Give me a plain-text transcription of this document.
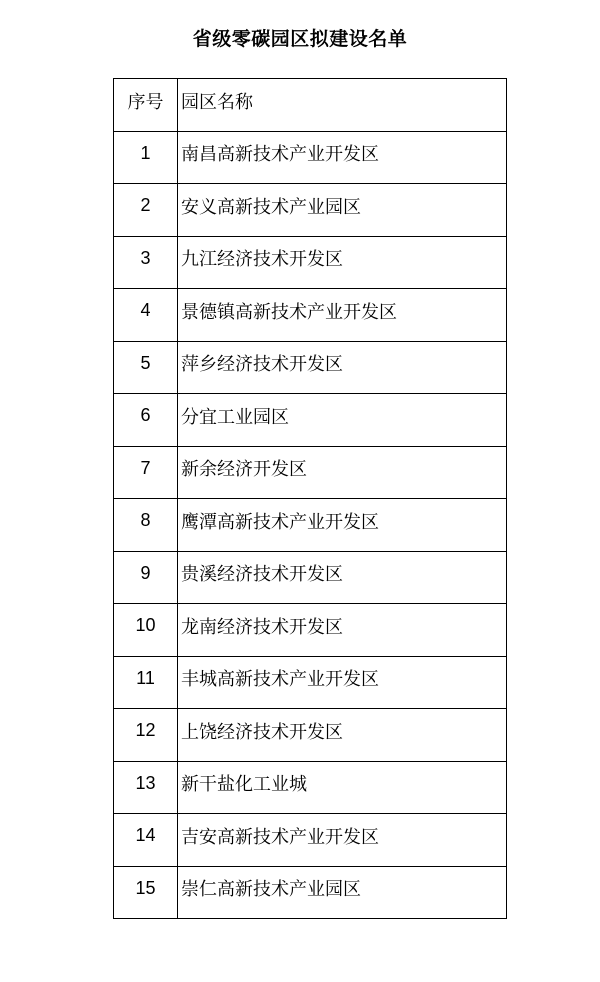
省级零碳园区拟建设名单
序号	园区名称
1	南昌高新技术产业开发区
2	安义高新技术产业园区
3	九江经济技术开发区
4	景德镇高新技术产业开发区
5	萍乡经济技术开发区
6	分宜工业园区
7	新余经济开发区
8	鹰潭高新技术产业开发区
9	贵溪经济技术开发区
10	龙南经济技术开发区
11	丰城高新技术产业开发区
12	上饶经济技术开发区
13	新干盐化工业城
14	吉安高新技术产业开发区
15	崇仁高新技术产业园区
